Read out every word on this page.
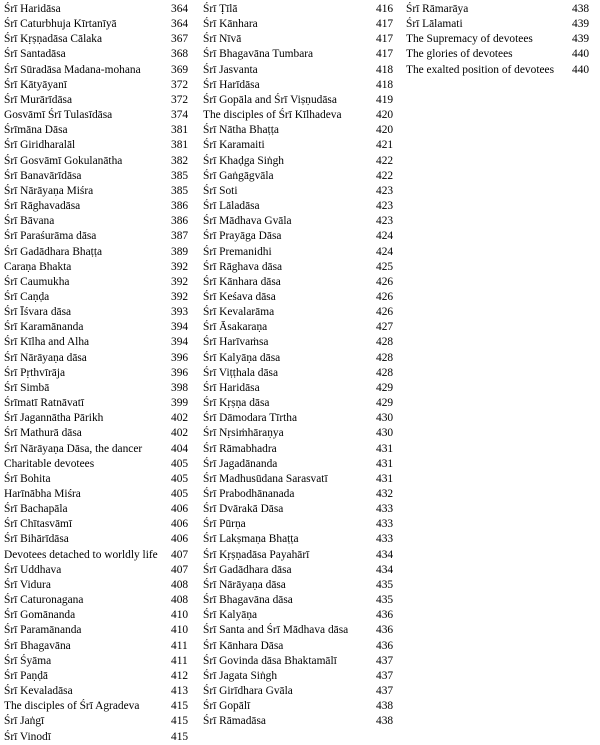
Śrī Haridāsa	364
Śrī Caturbhuja Kīrtanīyā	364
Śrī Kṛṣṇadāsa Cālaka	367
Śrī Santadāsa	368
Śrī Sūradāsa Madana-mohana	369
Śrī Kātyāyanī	372
Śrī Murārīdāsa	372
Gosvāmī Śrī Tulasīdāsa	374
Śrīmāna Dāsa	381
Śrī Giridharalāl	381
Śrī Gosvāmī Gokulanātha	382
Śrī Banavārīdāsa	385
Śrī Nārāyaṇa Miśra	385
Śrī Rāghavadāsa	386
Śrī Bāvana	386
Śrī Paraśurāma dāsa	387
Śrī Gadādhara Bhaṭṭa	389
Caraṇa Bhakta	392
Śrī Caumukha	392
Śrī Caṇḍa	392
Śrī Īśvara dāsa	393
Śrī Karamānanda	394
Śrī Kīlha and Alha	394
Śrī Nārāyaṇa dāsa	396
Śrī Pṛthvīrāja	396
Śrī Simbā	398
Śrīmatī Ratnāvatī	399
Śrī Jagannātha Pārikh	402
Śrī Mathurā dāsa	402
Śrī Nārāyaṇa Dāsa, the dancer	404
Charitable devotees	405
Śrī Bohita	405
Harīnābha Miśra	405
Śrī Bachapāla	406
Śrī Chītasvāmī	406
Śrī Bihārīdāsa	406
Devotees detached to worldly life	407
Śrī Uddhava	407
Śrī Vidura	408
Śrī Caturonagana	408
Śrī Gomānanda	410
Śrī Paramānanda	410
Śrī Bhagavāna	411
Śrī Śyāma	411
Śrī Paṇḍā	412
Śrī Kevaladāsa	413
The disciples of Śrī Agradeva	415
Śrī Jaṅgī	415
Śrī Vinodī	415
Śrī Ṭīlā	416
Śrī Kānhara	417
Śrī Nīvā	417
Śrī Bhagavāna Tumbara	417
Śrī Jasvanta	418
Śrī Harīdāsa	418
Śrī Gopāla and Śrī Viṣṇudāsa	419
The disciples of Śrī Kīlhadeva	420
Śrī Nātha Bhaṭṭa	420
Śrī Karamaiti	421
Śrī Khaḍga Siṅgh	422
Śrī Gaṅgāgvāla	422
Śrī Soti	423
Śrī Lāladāsa	423
Śrī Mādhava Gvāla	423
Śrī Prayāga Dāsa	424
Śrī Premanidhi	424
Śrī Rāghava dāsa	425
Śrī Kānhara dāsa	426
Śrī Keśava dāsa	426
Śrī Kevalarāma	426
Śrī Āsakaraṇa	427
Śrī Harīvaṁsa	428
Śrī Kalyāṇa dāsa	428
Śrī Viṭṭhala dāsa	428
Śrī Haridāsa	429
Śrī Kṛṣṇa dāsa	429
Śrī Dāmodara Tīrtha	430
Śrī Nṛsiṁhāraṇya	430
Śrī Rāmabhadra	431
Śrī Jagadānanda	431
Śrī Madhusūdana Sarasvatī	431
Śrī Prabodhānanada	432
Śrī Dvārakā Dāsa	433
Śrī Pūrṇa	433
Śrī Lakṣmaṇa Bhaṭṭa	433
Śrī Kṛṣṇadāsa Payahārī	434
Śrī Gadādhara dāsa	434
Śrī Nārāyaṇa dāsa	435
Śrī Bhagavāna dāsa	435
Śrī Kalyāṇa	436
Śrī Santa and Śrī Mādhava dāsa	436
Śrī Kānhara Dāsa	436
Śrī Govinda dāsa Bhaktamālī	437
Śrī Jagata Siṅgh	437
Śrī Girīdhara Gvāla	437
Śrī Gopālī	438
Śrī Rāmadāsa	438
Śrī Rāmarāya	438
Śrī Lālamati	439
The Supremacy of devotees	439
The glories of devotees	440
The exalted position of devotees	440
